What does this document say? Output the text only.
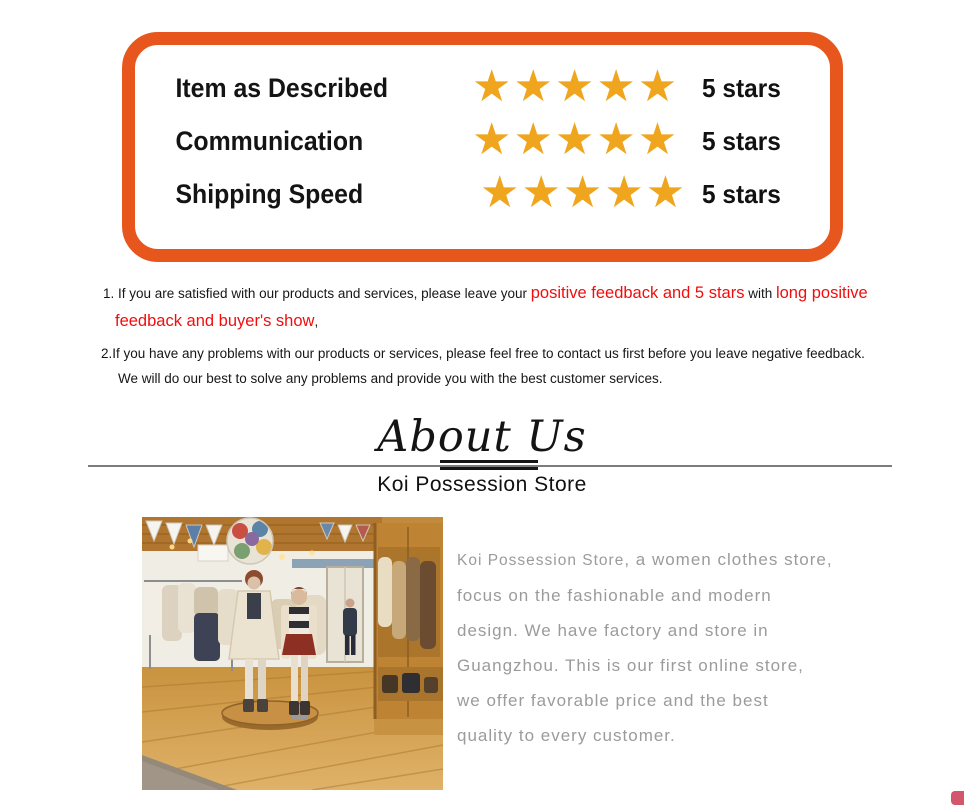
Item as Described	★★★★★ 5 stars
Communication	★★★★★ 5 stars
Shipping Speed	★★★★★ 5 stars
1. If you are satisfied with our products and services, please leave your positive feedback and 5 stars with long positive
feedback and buyer's show,
2.If you have any problems with our products or services, please feel free to contact us first before you leave negative feedback.
We will do our best to solve any problems and provide you with the best customer services.
About Us
Koi Possession Store
Koi Possession Store, a women clothes store,
focus on the fashionable and modern
design. We have factory and store in
Guangzhou. This is our first online store,
we offer favorable price and the best
quality to every customer.
